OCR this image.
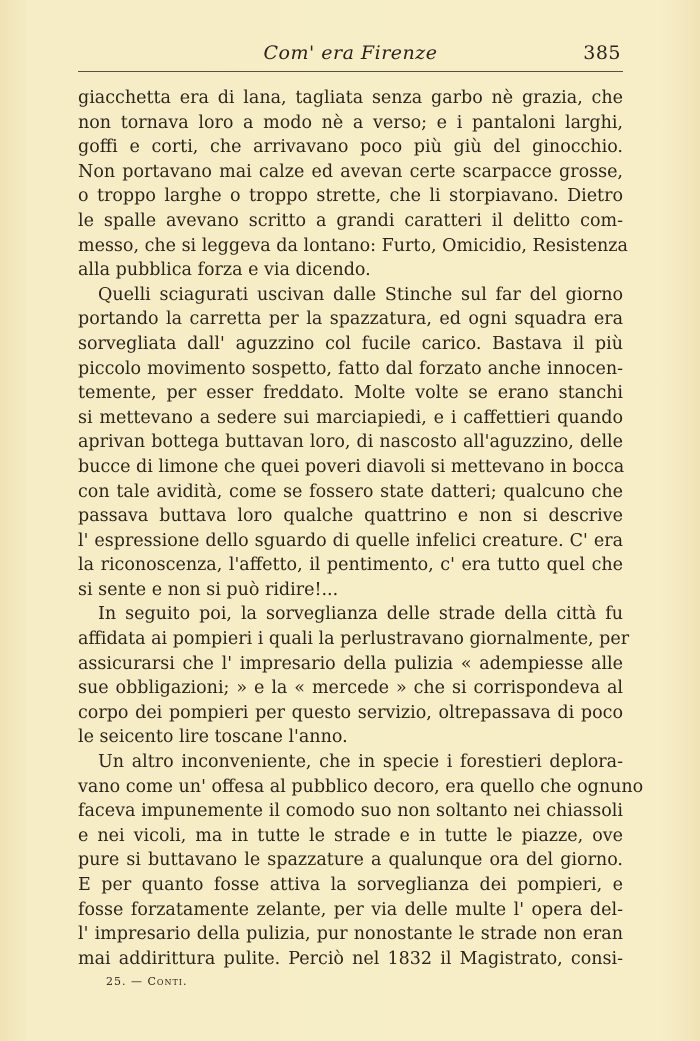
Com' era Firenze	385

giacchetta era di lana, tagliata senza garbo nè grazia, che
non tornava loro a modo nè a verso; e i pantaloni larghi,
goffi e corti, che arrivavano poco più giù del ginocchio.
Non portavano mai calze ed avevan certe scarpacce grosse,
o troppo larghe o troppo strette, che li storpiavano. Dietro
le spalle avevano scritto a grandi caratteri il delitto com-
messo, che si leggeva da lontano: Furto, Omicidio, Resistenza
alla pubblica forza e via dicendo.

Quelli sciagurati uscivan dalle Stinche sul far del giorno
portando la carretta per la spazzatura, ed ogni squadra era
sorvegliata dall' aguzzino col fucile carico. Bastava il più
piccolo movimento sospetto, fatto dal forzato anche innocen-
temente, per esser freddato. Molte volte se erano stanchi
si mettevano a sedere sui marciapiedi, e i caffettieri quando
aprivan bottega buttavan loro, di nascosto all'aguzzino, delle
bucce di limone che quei poveri diavoli si mettevano in bocca
con tale avidità, come se fossero state datteri; qualcuno che
passava buttava loro qualche quattrino e non si descrive
l' espressione dello sguardo di quelle infelici creature. C' era
la riconoscenza, l'affetto, il pentimento, c' era tutto quel che
si sente e non si può ridire!...

In seguito poi, la sorveglianza delle strade della città fu
affidata ai pompieri i quali la perlustravano giornalmente, per
assicurarsi che l' impresario della pulizia « adempiesse alle
sue obbligazioni; » e la « mercede » che si corrispondeva al
corpo dei pompieri per questo servizio, oltrepassava di poco
le seicento lire toscane l'anno.

Un altro inconveniente, che in specie i forestieri deplora-
vano come un' offesa al pubblico decoro, era quello che ognuno
faceva impunemente il comodo suo non soltanto nei chiassoli
e nei vicoli, ma in tutte le strade e in tutte le piazze, ove
pure si buttavano le spazzature a qualunque ora del giorno.
E per quanto fosse attiva la sorveglianza dei pompieri, e
fosse forzatamente zelante, per via delle multe l' opera del-
l' impresario della pulizia, pur nonostante le strade non eran
mai addirittura pulite. Perciò nel 1832 il Magistrato, consi-

25. — Conti.
